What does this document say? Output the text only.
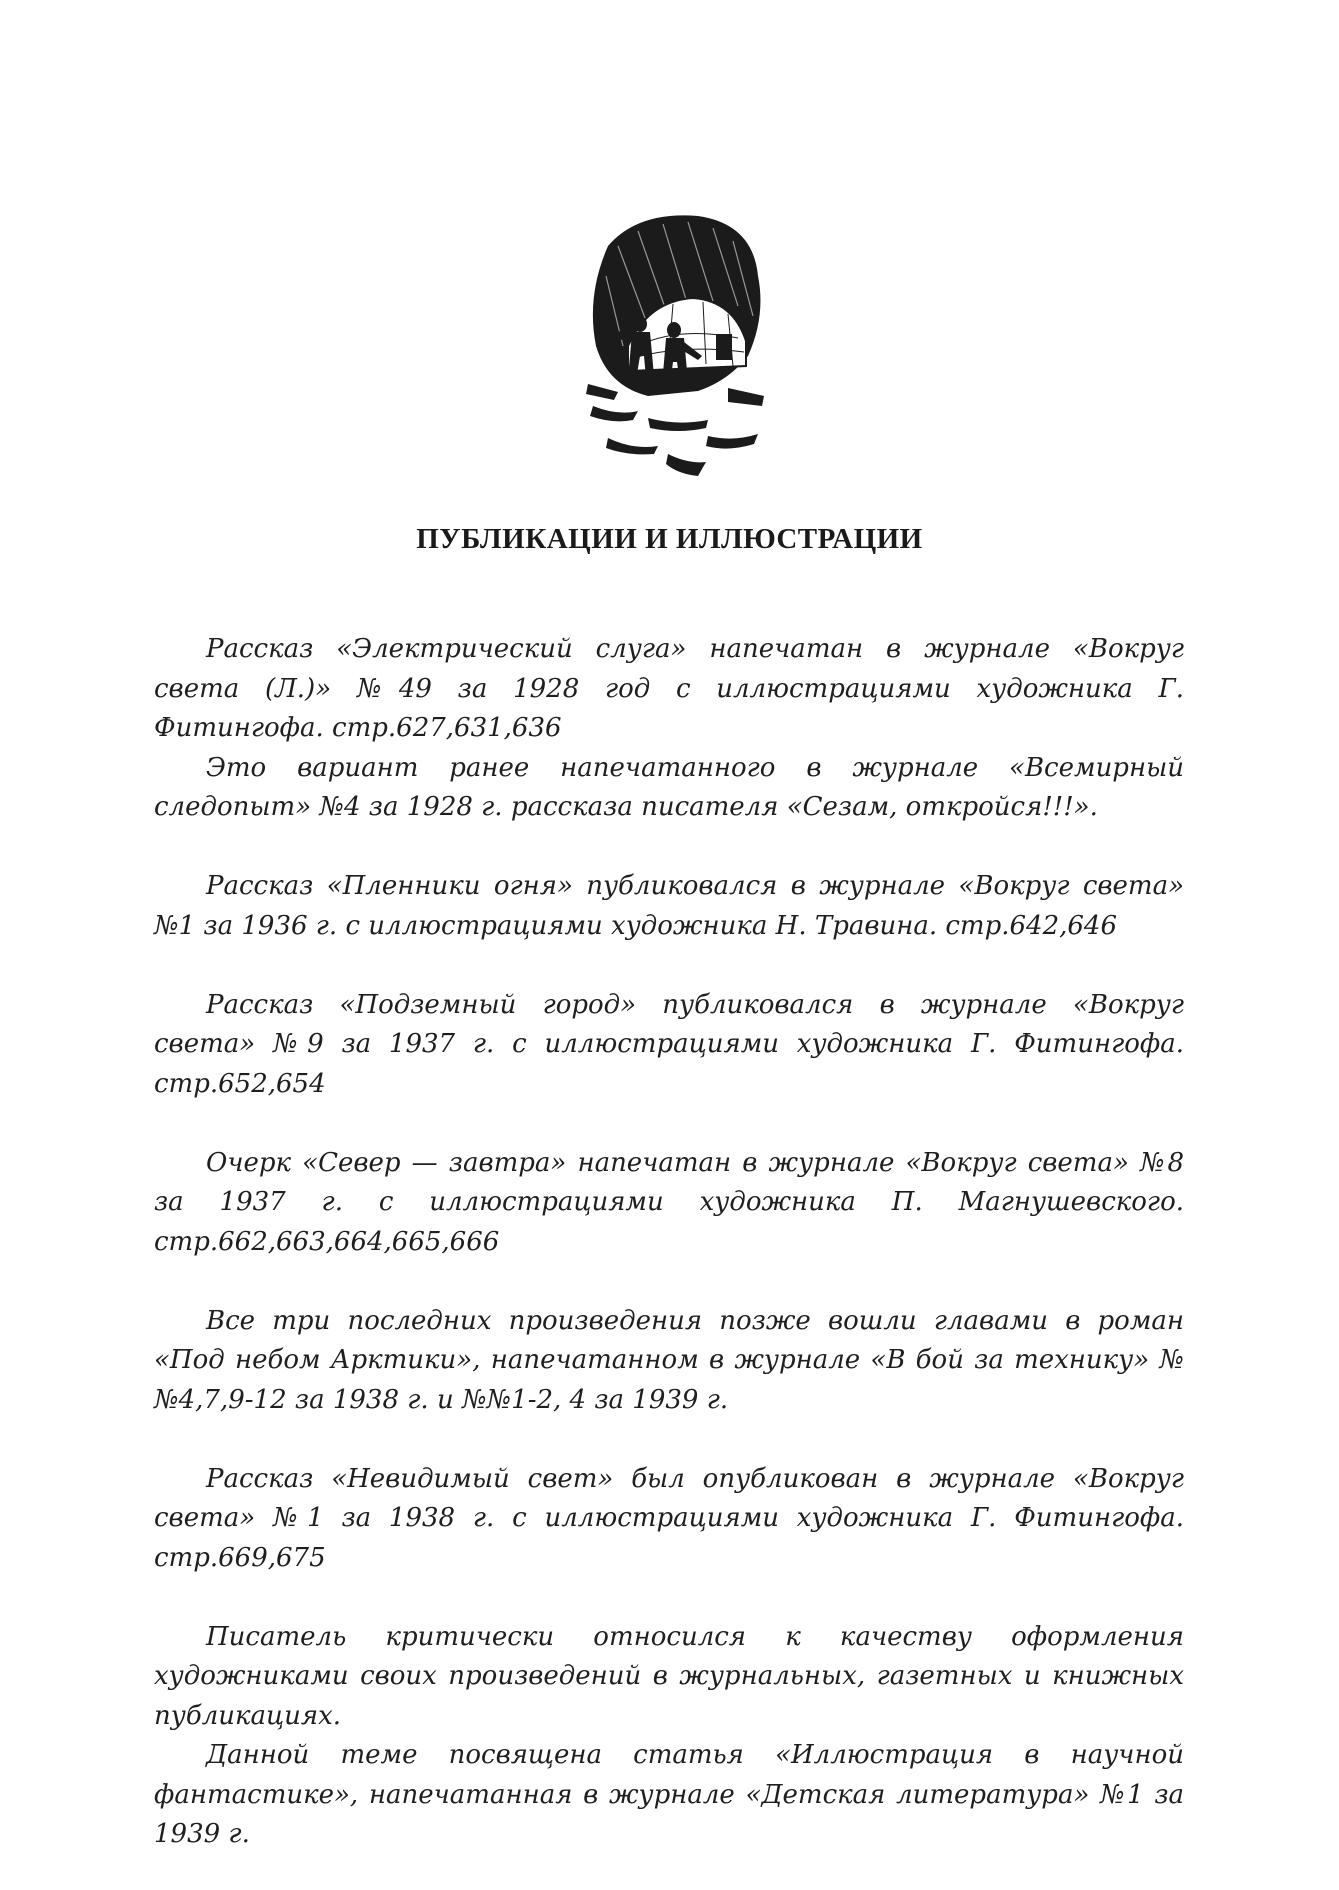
ПУБЛИКАЦИИ И ИЛЛЮСТРАЦИИ

Рассказ «Электрический слуга» напечатан в журнале «Вокруг света (Л.)» №49 за 1928 год с иллюстрациями художника Г. Фитингофа. стр.627,631,636

Это вариант ранее напечатанного в журнале «Всемирный следопыт» №4 за 1928 г. рассказа писателя «Сезам, откройся!!!».

Рассказ «Пленники огня» публиковался в журнале «Вокруг света» №1 за 1936 г. с иллюстрациями художника Н. Травина. стр.642,646

Рассказ «Подземный город» публиковался в журнале «Вокруг света» №9 за 1937 г. с иллюстрациями художника Г. Фитингофа. стр.652,654

Очерк «Север — завтра» напечатан в журнале «Вокруг света» №8 за 1937 г. с иллюстрациями художника П. Магнушевского. стр.662,663,664,665,666

Все три последних произведения позже вошли главами в роман «Под небом Арктики», напечатанном в журнале «В бой за технику» №№4,7,9-12 за 1938 г. и №№1-2, 4 за 1939 г.

Рассказ «Невидимый свет» был опубликован в журнале «Вокруг света» №1 за 1938 г. с иллюстрациями художника Г. Фитингофа. стр.669,675

Писатель критически относился к качеству оформления художниками своих произведений в журнальных, газетных и книжных публикациях.

Данной теме посвящена статья «Иллюстрация в научной фантастике», напечатанная в журнале «Детская литература» №1 за 1939 г.
